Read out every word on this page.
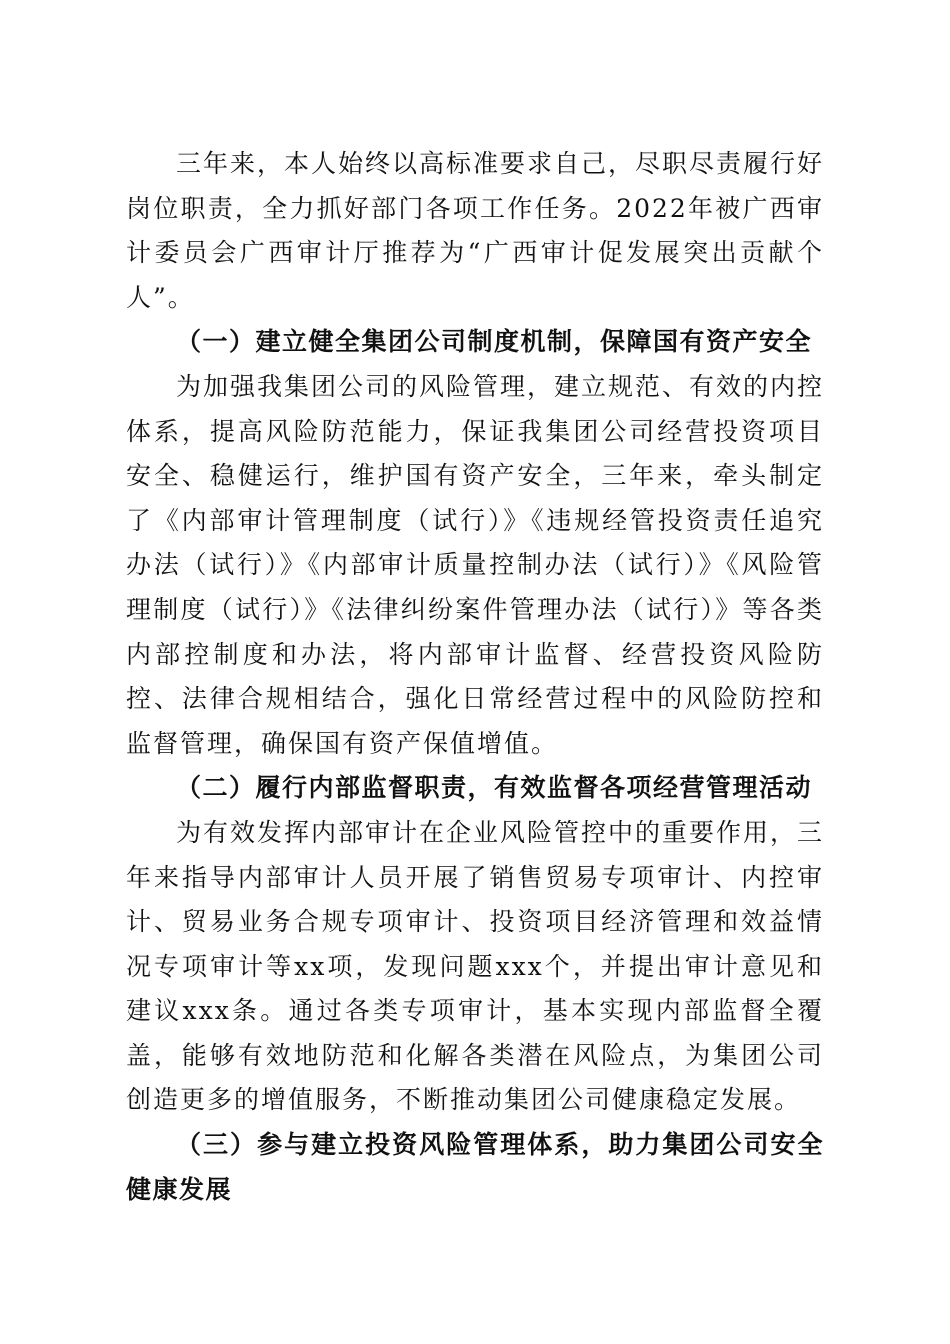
三年来，本人始终以高标准要求自己，尽职尽责履行好岗位职责，全力抓好部门各项工作任务。2022年被广西审计委员会广西审计厅推荐为“广西审计促发展突出贡献个人”。

（一）建立健全集团公司制度机制，保障国有资产安全

为加强我集团公司的风险管理，建立规范、有效的内控体系，提高风险防范能力，保证我集团公司经营投资项目安全、稳健运行，维护国有资产安全，三年来，牵头制定了《内部审计管理制度（试行）》《违规经管投资责任追究办法（试行）》《内部审计质量控制办法（试行）》《风险管理制度（试行）》《法律纠纷案件管理办法（试行）》等各类内部控制度和办法，将内部审计监督、经营投资风险防控、法律合规相结合，强化日常经营过程中的风险防控和监督管理，确保国有资产保值增值。

（二）履行内部监督职责，有效监督各项经营管理活动

为有效发挥内部审计在企业风险管控中的重要作用，三年来指导内部审计人员开展了销售贸易专项审计、内控审计、贸易业务合规专项审计、投资项目经济管理和效益情况专项审计等xx项，发现问题xxx个，并提出审计意见和建议xxx条。通过各类专项审计，基本实现内部监督全覆盖，能够有效地防范和化解各类潜在风险点，为集团公司创造更多的增值服务，不断推动集团公司健康稳定发展。

（三）参与建立投资风险管理体系，助力集团公司安全健康发展
